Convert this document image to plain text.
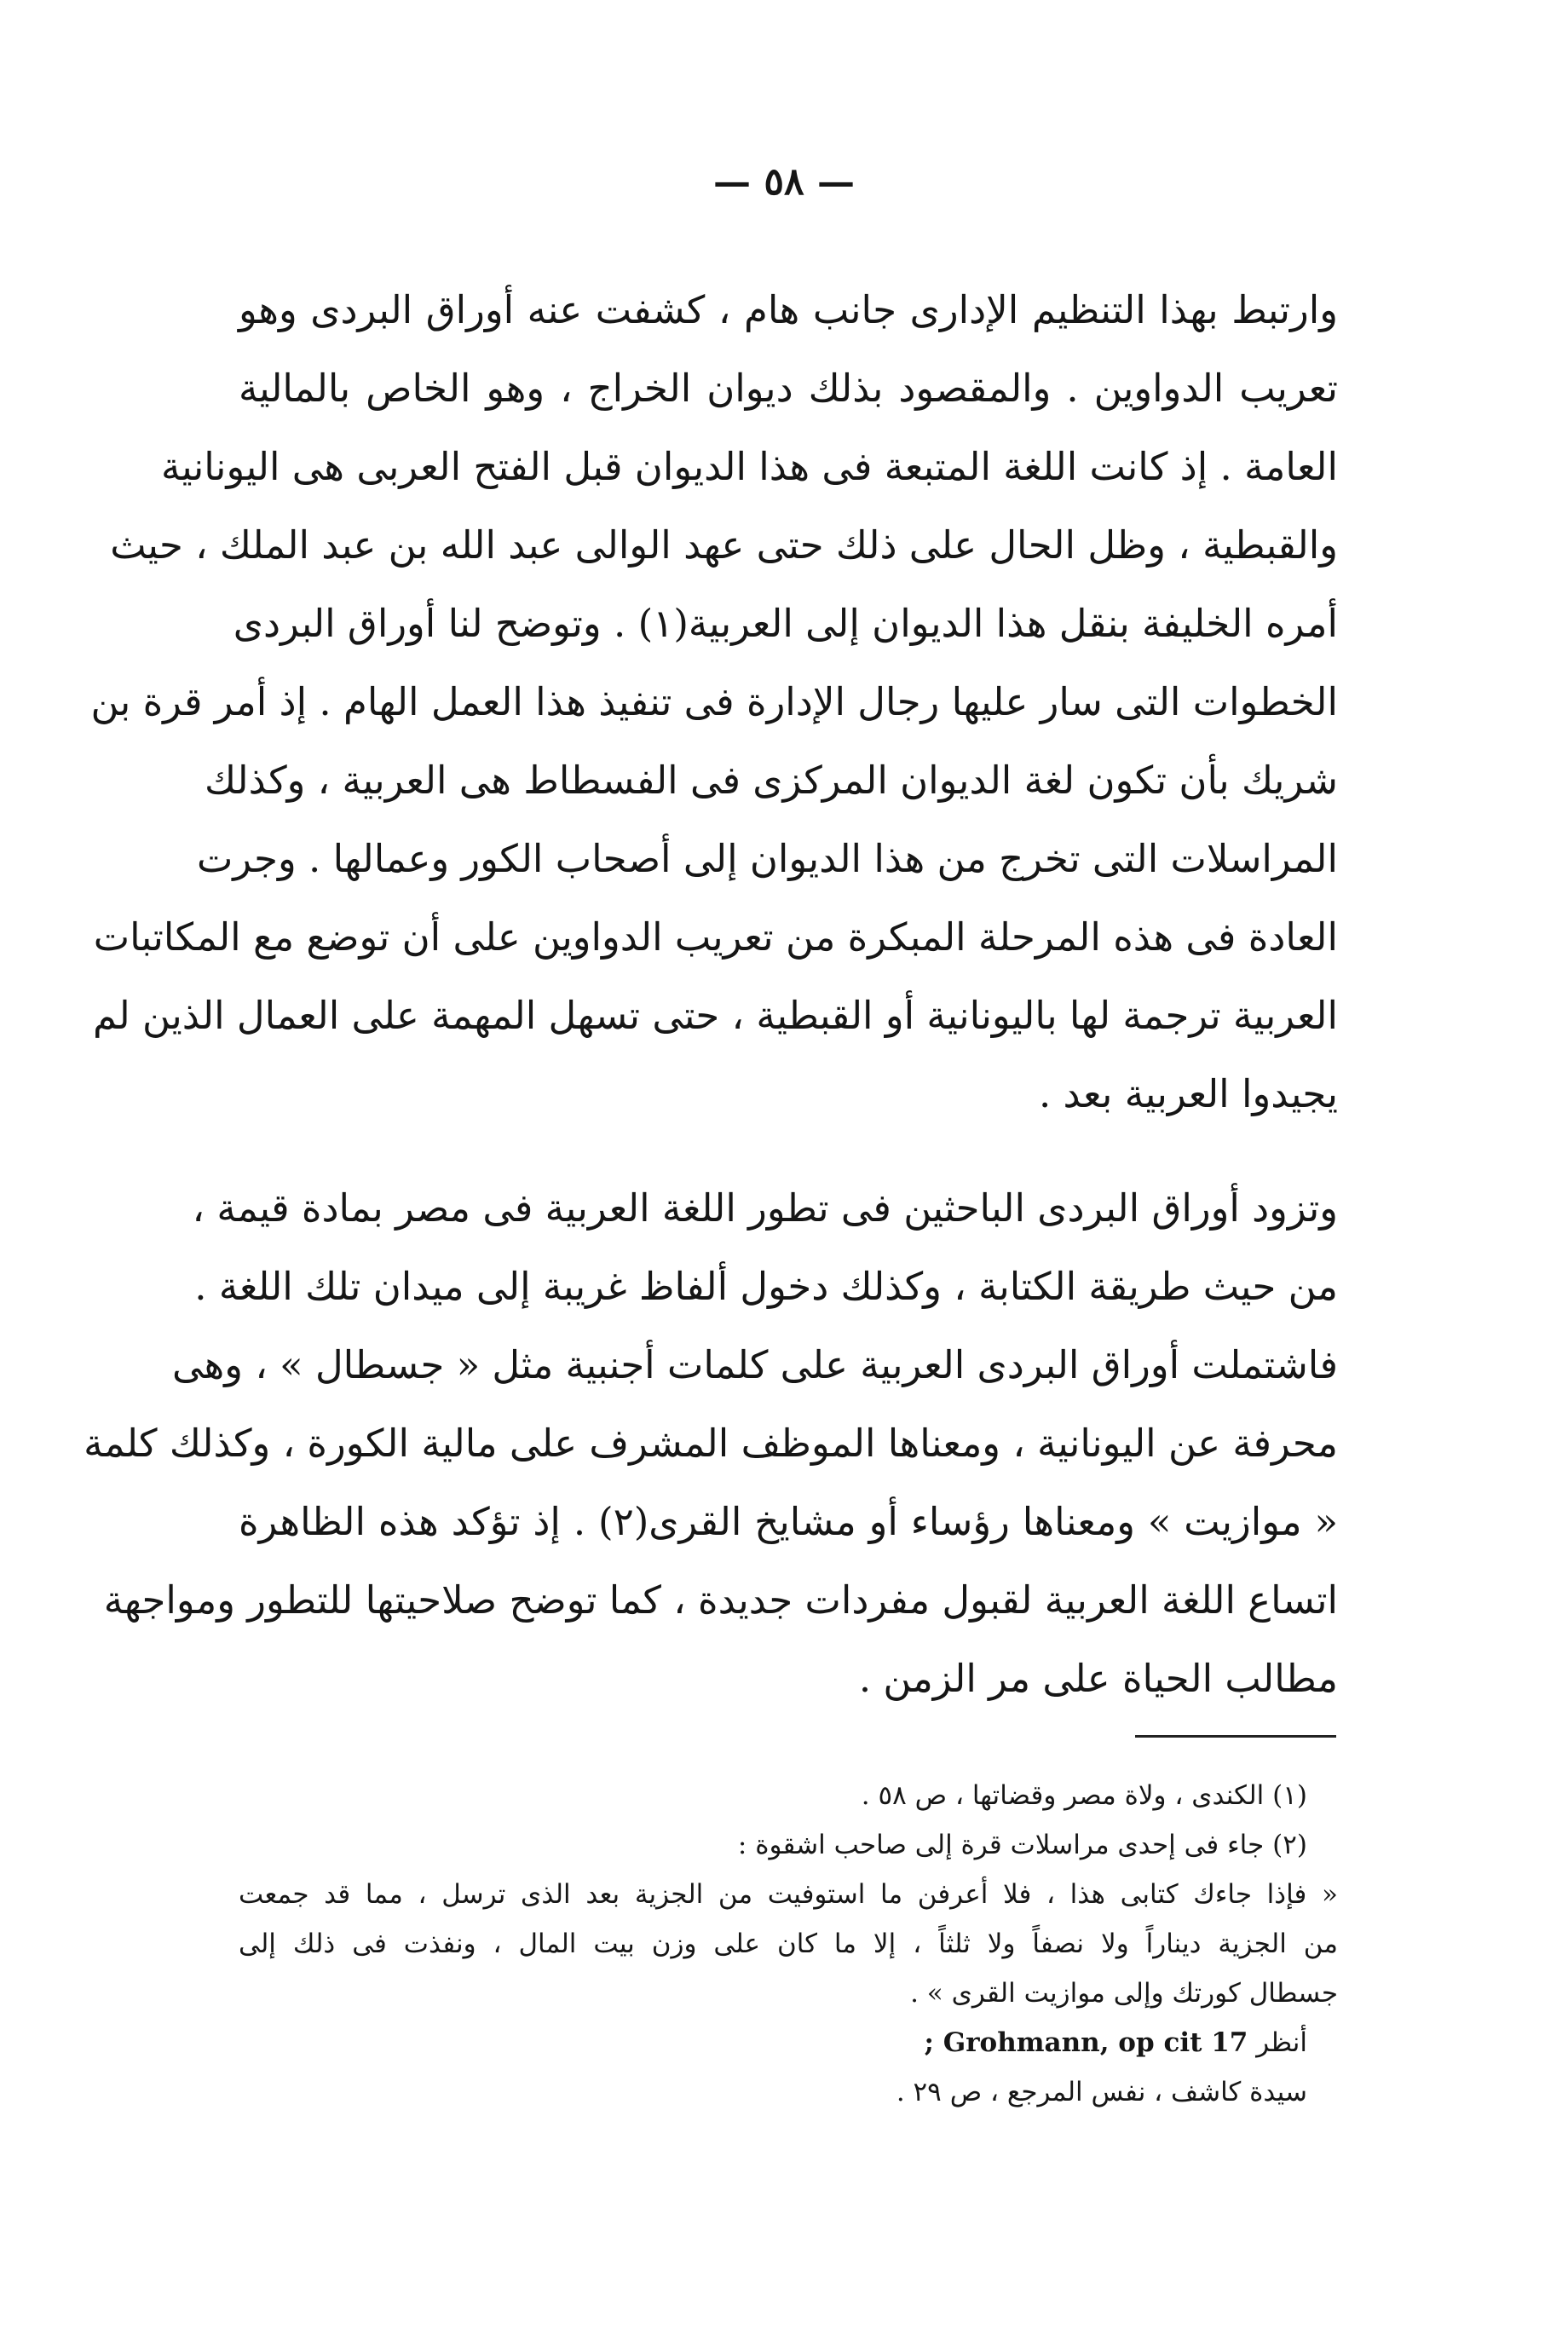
— ٥٨ —
وارتبط بهذا التنظيم الإدارى جانب هام ، كشفت عنه أوراق البردى وهو
تعريب الدواوين . والمقصود بذلك ديوان الخراج ، وهو الخاص بالمالية
العامة . إذ كانت اللغة المتبعة فى هذا الديوان قبل الفتح العربى هى اليونانية
والقبطية ، وظل الحال على ذلك حتى عهد الوالى عبد الله بن عبد الملك ، حيث
أمره الخليفة بنقل هذا الديوان إلى العربية(١) . وتوضح لنا أوراق البردى
الخطوات التى سار عليها رجال الإدارة فى تنفيذ هذا العمل الهام . إذ أمر قرة بن
شريك بأن تكون لغة الديوان المركزى فى الفسطاط هى العربية ، وكذلك
المراسلات التى تخرج من هذا الديوان إلى أصحاب الكور وعمالها . وجرت
العادة فى هذه المرحلة المبكرة من تعريب الدواوين على أن توضع مع المكاتبات
العربية ترجمة لها باليونانية أو القبطية ، حتى تسهل المهمة على العمال الذين لم
يجيدوا العربية بعد .
وتزود أوراق البردى الباحثين فى تطور اللغة العربية فى مصر بمادة قيمة ،
من حيث طريقة الكتابة ، وكذلك دخول ألفاظ غريبة إلى ميدان تلك اللغة .
فاشتملت أوراق البردى العربية على كلمات أجنبية مثل « جسطال » ، وهى
محرفة عن اليونانية ، ومعناها الموظف المشرف على مالية الكورة ، وكذلك كلمة
« موازيت » ومعناها رؤساء أو مشايخ القرى(٢) . إذ تؤكد هذه الظاهرة
اتساع اللغة العربية لقبول مفردات جديدة ، كما توضح صلاحيتها للتطور ومواجهة
مطالب الحياة على مر الزمن .
(١) الكندى ، ولاة مصر وقضاتها ، ص ٥٨ .
(٢) جاء فى إحدى مراسلات قرة إلى صاحب اشقوة :
« فإذا جاءك كتابى هذا ، فلا أعرفن ما استوفيت من الجزية بعد الذى ترسل ، مما قد جمعت
من الجزية ديناراً ولا نصفاً ولا ثلثاً ، إلا ما كان على وزن بيت المال ، ونفذت فى ذلك إلى
جسطال كورتك وإلى موازيت القرى » .
أنظر ; Grohmann, op cit 17
سيدة كاشف ، نفس المرجع ، ص ٢٩ .
